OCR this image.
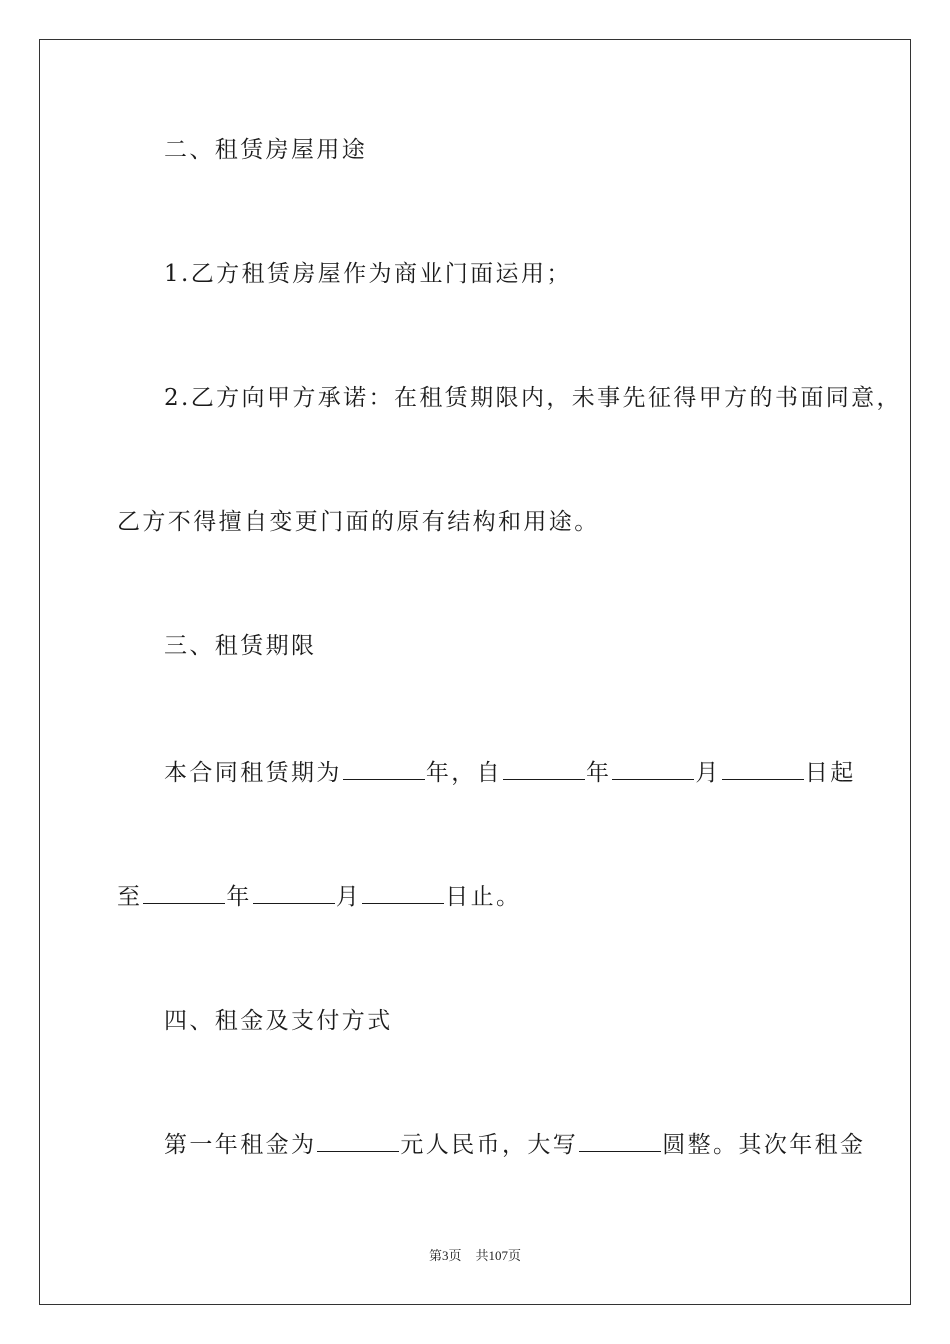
二、租赁房屋用途
1.乙方租赁房屋作为商业门面运用；
2.乙方向甲方承诺：在租赁期限内，未事先征得甲方的书面同意，
乙方不得擅自变更门面的原有结构和用途。
三、租赁期限
本合同租赁期为	年，自	年	月	日起
至	年	月	日止。
四、租金及支付方式
第一年租金为	元人民币，大写	圆整。其次年租金
第3页 共107页
